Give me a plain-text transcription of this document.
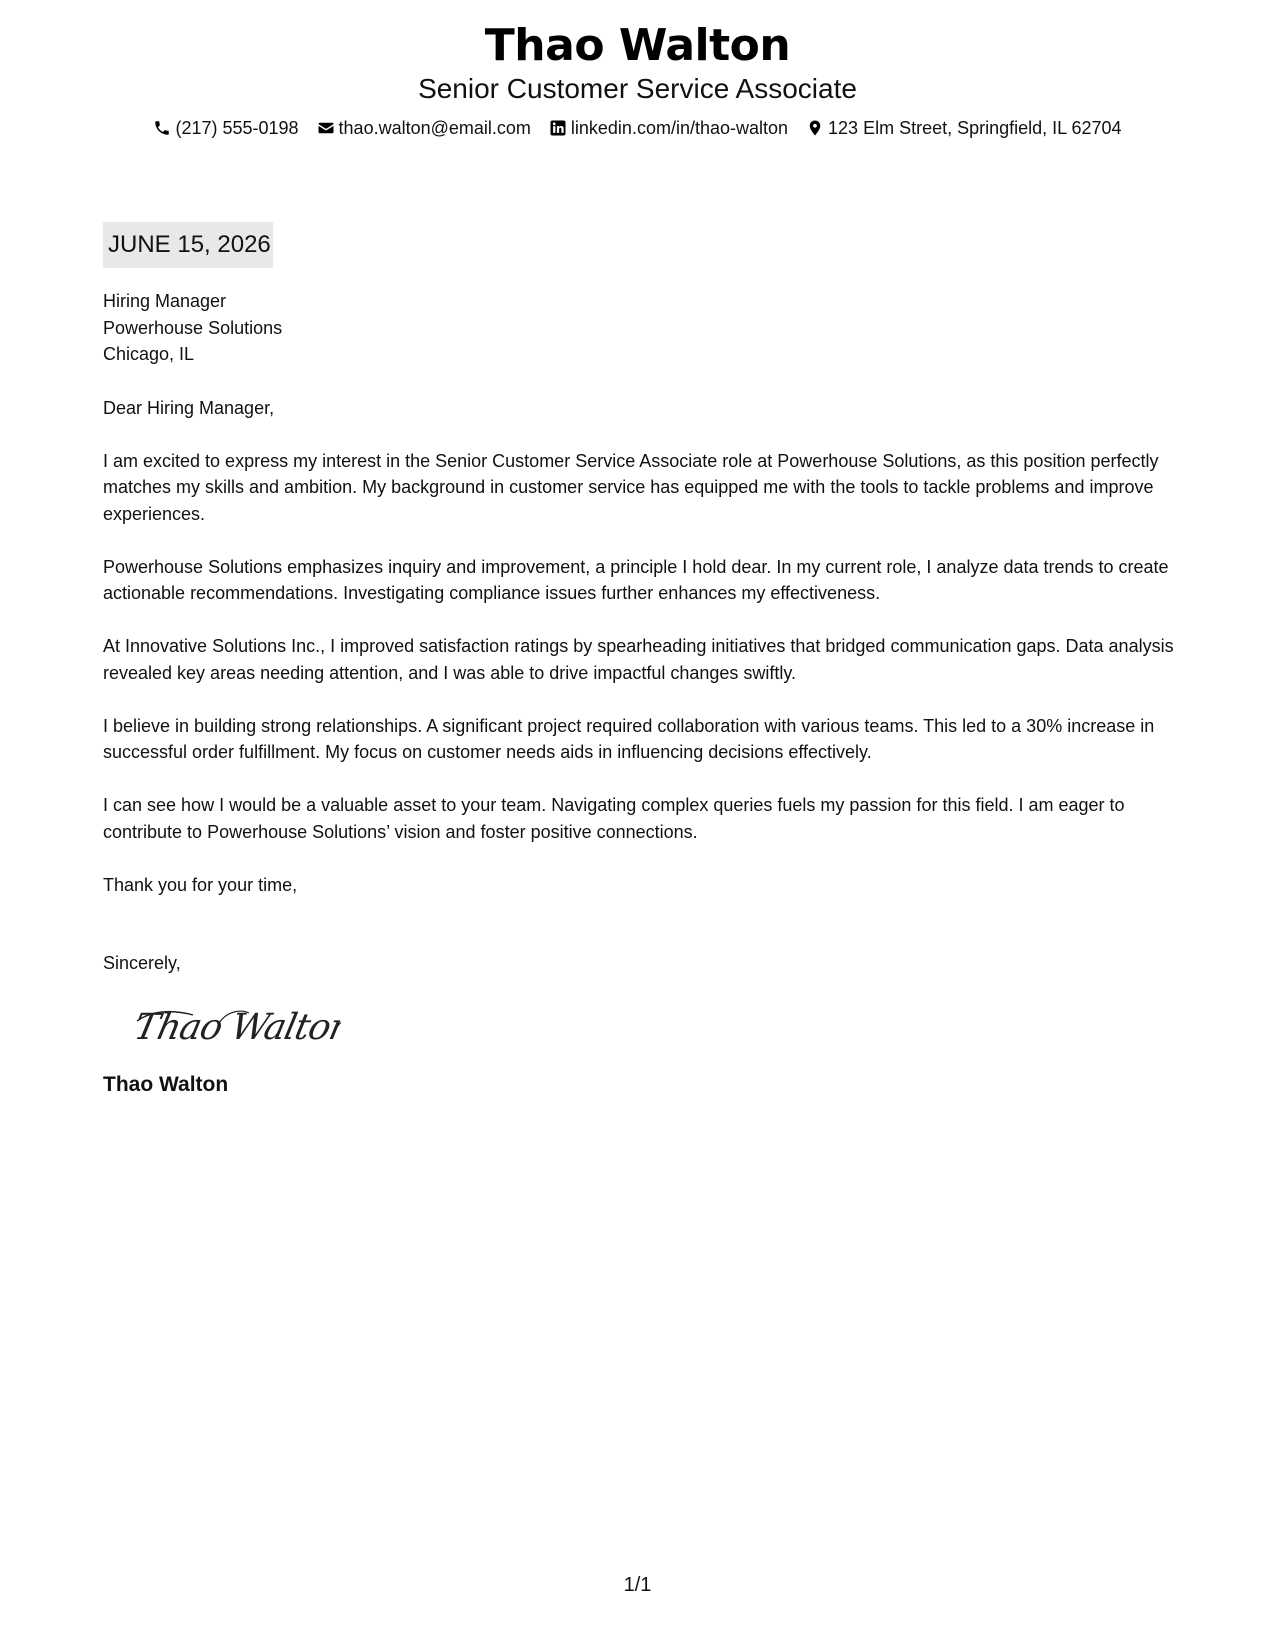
Thao Walton
Senior Customer Service Associate
(217) 555-0198 thao.walton@email.com linkedin.com/in/thao-walton 123 Elm Street, Springfield, IL 62704
JUNE 15, 2026
Hiring Manager
Powerhouse Solutions
Chicago, IL
Dear Hiring Manager,
I am excited to express my interest in the Senior Customer Service Associate role at Powerhouse Solutions, as this position perfectly matches my skills and ambition. My background in customer service has equipped me with the tools to tackle problems and improve experiences.
Powerhouse Solutions emphasizes inquiry and improvement, a principle I hold dear. In my current role, I analyze data trends to create actionable recommendations. Investigating compliance issues further enhances my effectiveness.
At Innovative Solutions Inc., I improved satisfaction ratings by spearheading initiatives that bridged communication gaps. Data analysis revealed key areas needing attention, and I was able to drive impactful changes swiftly.
I believe in building strong relationships. A significant project required collaboration with various teams. This led to a 30% increase in successful order fulfillment. My focus on customer needs aids in influencing decisions effectively.
I can see how I would be a valuable asset to your team. Navigating complex queries fuels my passion for this field. I am eager to contribute to Powerhouse Solutions’ vision and foster positive connections.
Thank you for your time,
Sincerely,
Thao Walton
Thao Walton
1/1
